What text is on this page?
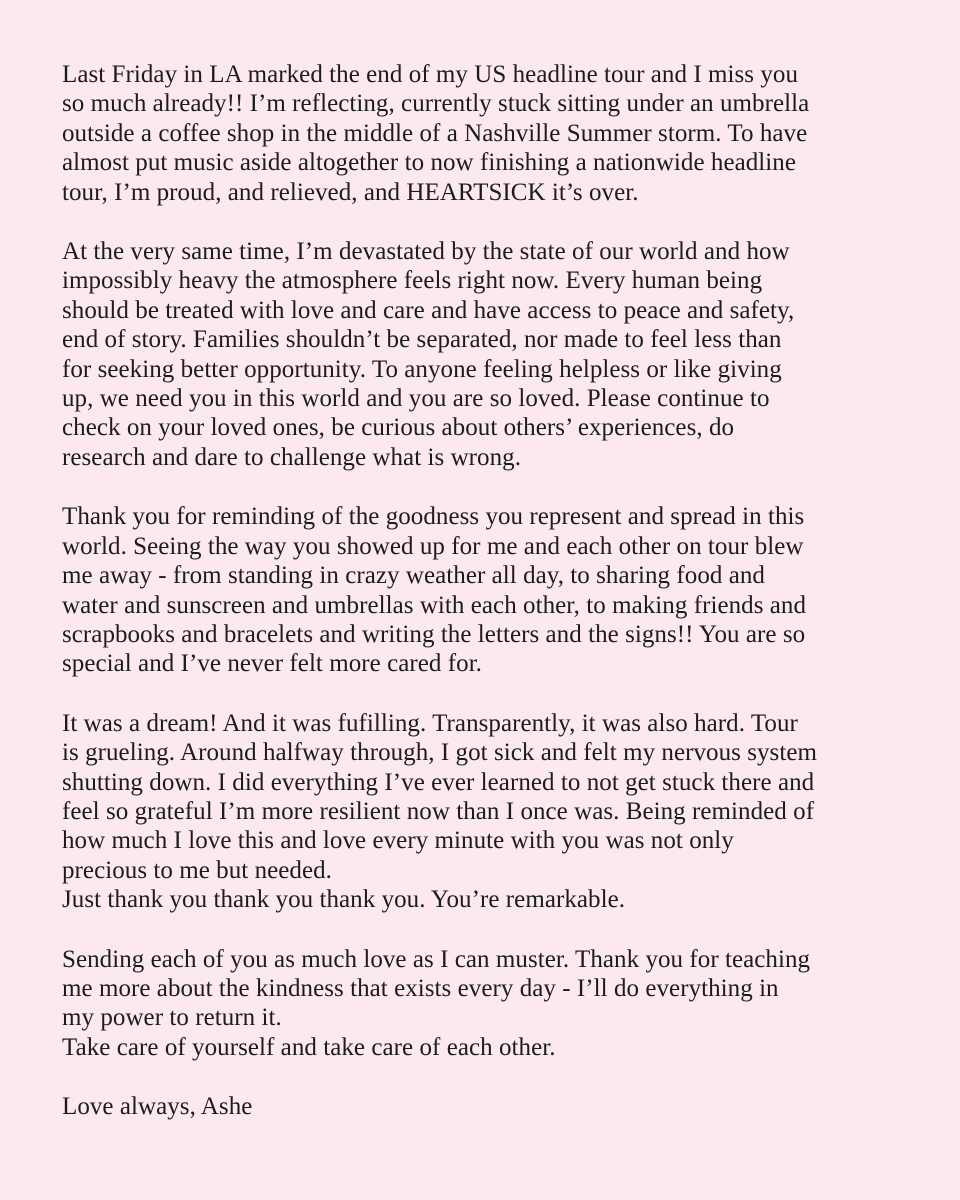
Last Friday in LA marked the end of my US headline tour and I miss you
so much already!! I’m reflecting, currently stuck sitting under an umbrella
outside a coffee shop in the middle of a Nashville Summer storm. To have
almost put music aside altogether to now finishing a nationwide headline
tour, I’m proud, and relieved, and HEARTSICK it’s over.
At the very same time, I’m devastated by the state of our world and how
impossibly heavy the atmosphere feels right now. Every human being
should be treated with love and care and have access to peace and safety,
end of story. Families shouldn’t be separated, nor made to feel less than
for seeking better opportunity. To anyone feeling helpless or like giving
up, we need you in this world and you are so loved. Please continue to
check on your loved ones, be curious about others’ experiences, do
research and dare to challenge what is wrong.
Thank you for reminding of the goodness you represent and spread in this
world. Seeing the way you showed up for me and each other on tour blew
me away - from standing in crazy weather all day, to sharing food and
water and sunscreen and umbrellas with each other, to making friends and
scrapbooks and bracelets and writing the letters and the signs!! You are so
special and I’ve never felt more cared for.
It was a dream! And it was fufilling. Transparently, it was also hard. Tour
is grueling. Around halfway through, I got sick and felt my nervous system
shutting down. I did everything I’ve ever learned to not get stuck there and
feel so grateful I’m more resilient now than I once was. Being reminded of
how much I love this and love every minute with you was not only
precious to me but needed.
Just thank you thank you thank you. You’re remarkable.
Sending each of you as much love as I can muster. Thank you for teaching
me more about the kindness that exists every day - I’ll do everything in
my power to return it.
Take care of yourself and take care of each other.
Love always, Ashe
